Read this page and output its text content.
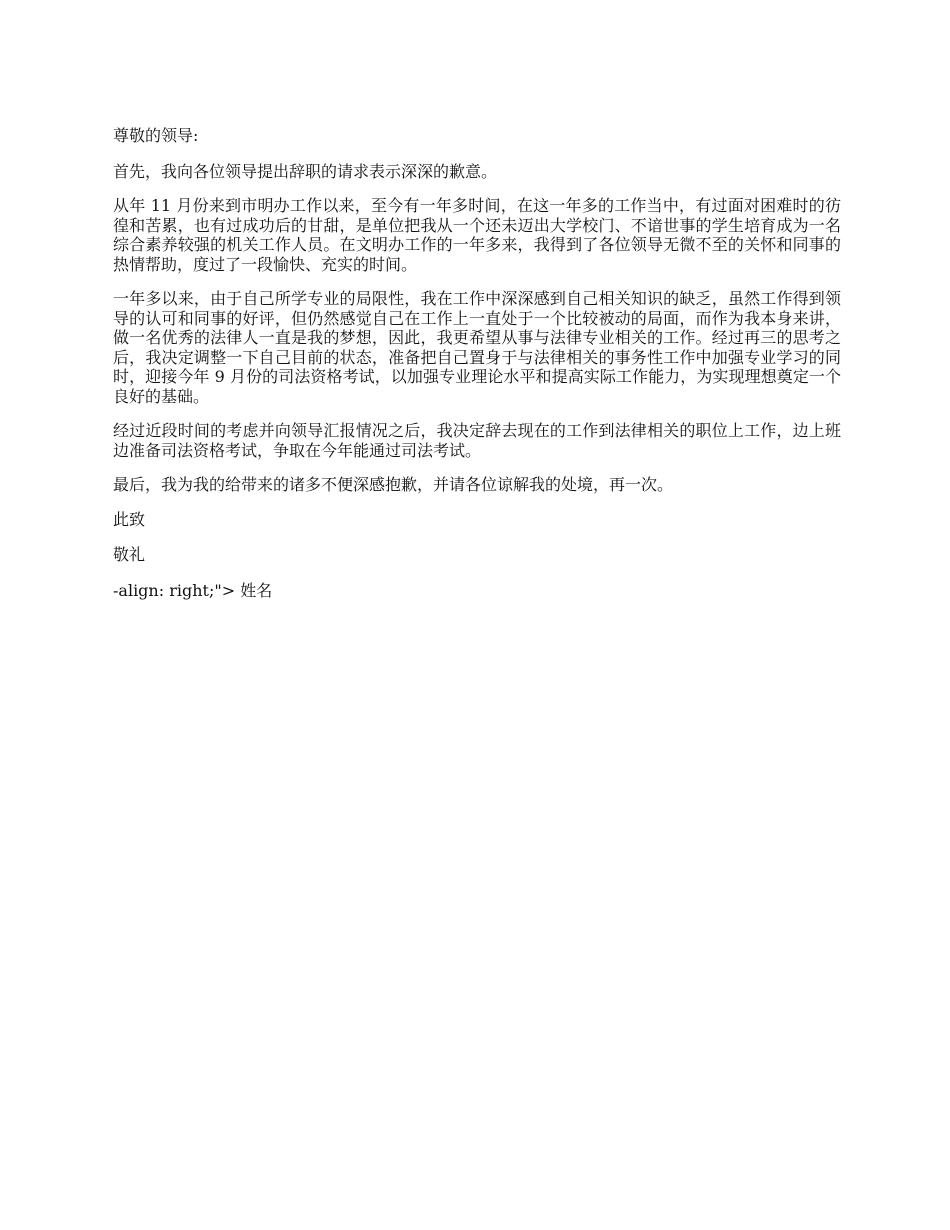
尊敬的领导:

首先，我向各位领导提出辞职的请求表示深深的歉意。

从年 11 月份来到市明办工作以来，至今有一年多时间，在这一年多的工作当中，有过面对困难时的彷徨和苦累，也有过成功后的甘甜，是单位把我从一个还未迈出大学校门、不谙世事的学生培育成为一名综合素养较强的机关工作人员。在文明办工作的一年多来，我得到了各位领导无微不至的关怀和同事的热情帮助，度过了一段愉快、充实的时间。

一年多以来，由于自己所学专业的局限性，我在工作中深深感到自己相关知识的缺乏，虽然工作得到领导的认可和同事的好评，但仍然感觉自己在工作上一直处于一个比较被动的局面，而作为我本身来讲，做一名优秀的法律人一直是我的梦想，因此，我更希望从事与法律专业相关的工作。经过再三的思考之后，我决定调整一下自己目前的状态，准备把自己置身于与法律相关的事务性工作中加强专业学习的同时，迎接今年 9 月份的司法资格考试，以加强专业理论水平和提高实际工作能力，为实现理想奠定一个良好的基础。

经过近段时间的考虑并向领导汇报情况之后，我决定辞去现在的工作到法律相关的职位上工作，边上班边准备司法资格考试，争取在今年能通过司法考试。

最后，我为我的给带来的诸多不便深感抱歉，并请各位谅解我的处境，再一次。

此致

敬礼

-align: right;"> 姓名
